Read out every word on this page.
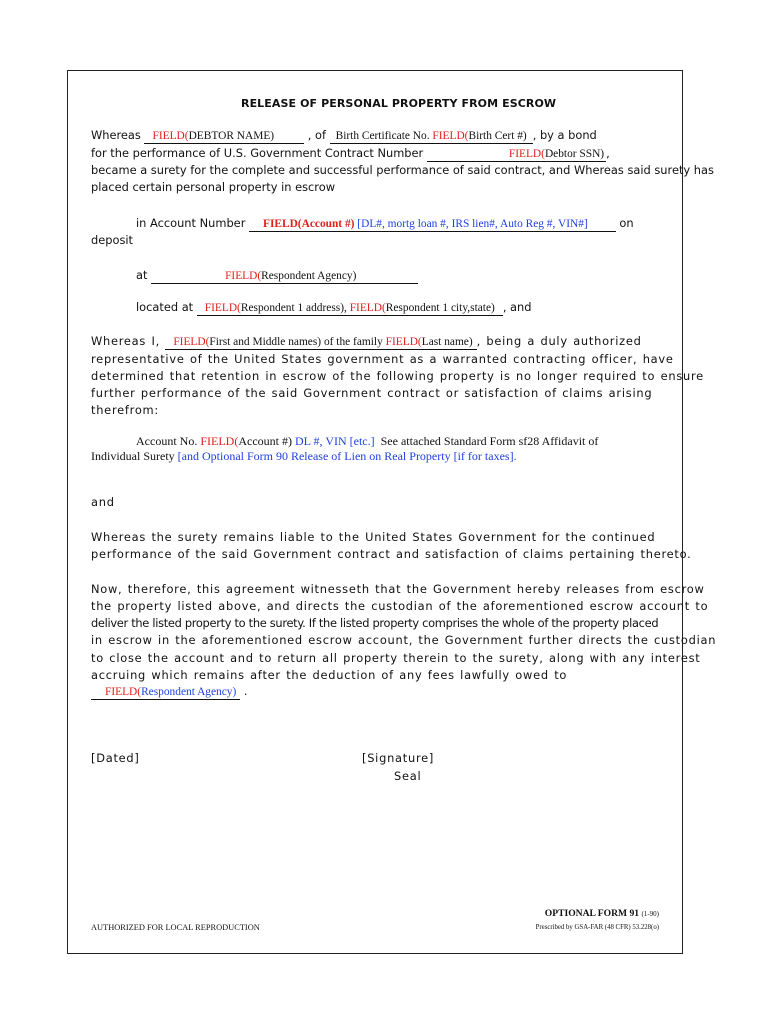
RELEASE OF PERSONAL PROPERTY FROM ESCROW
Whereas FIELD(DEBTOR NAME)	, of Birth Certificate No. FIELD(Birth Cert #) , by a bond
for the performance of U.S. Government Contract Number	FIELD(Debtor SSN) ,
became a surety for the complete and successful performance of said contract, and Whereas said surety has
placed certain personal property in escrow
in Account Number FIELD(Account #) [DL#, mortg loan #, IRS lien#, Auto Reg #, VIN#]	on
deposit
at	FIELD(Respondent Agency)
located at FIELD(Respondent 1 address), FIELD(Respondent 1 city,state) , and
Whereas I, FIELD(First and Middle names) of the family FIELD(Last name) , being a duly authorized
representative of the United States government as a warranted contracting officer, have
determined that retention in escrow of the following property is no longer required to ensure
further performance of the said Government contract or satisfaction of claims arising
therefrom:
Account No. FIELD(Account #) DL #, VIN [etc.] See attached Standard Form sf28 Affidavit of
Individual Surety [and Optional Form 90 Release of Lien on Real Property [if for taxes].
and
Whereas the surety remains liable to the United States Government for the continued
performance of the said Government contract and satisfaction of claims pertaining thereto.
Now, therefore, this agreement witnesseth that the Government hereby releases from escrow
the property listed above, and directs the custodian of the aforementioned escrow account to
deliver the listed property to the surety. If the listed property comprises the whole of the property placed
in escrow in the aforementioned escrow account, the Government further directs the custodian
to close the account and to return all property therein to the surety, along with any interest
accruing which remains after the deduction of any fees lawfully owed to
FIELD(Respondent Agency) .
[Dated]	[Signature]
Seal
AUTHORIZED FOR LOCAL REPRODUCTION
OPTIONAL FORM 91 (1-90)
Prescribed by GSA-FAR (48 CFR) 53.228(o)
